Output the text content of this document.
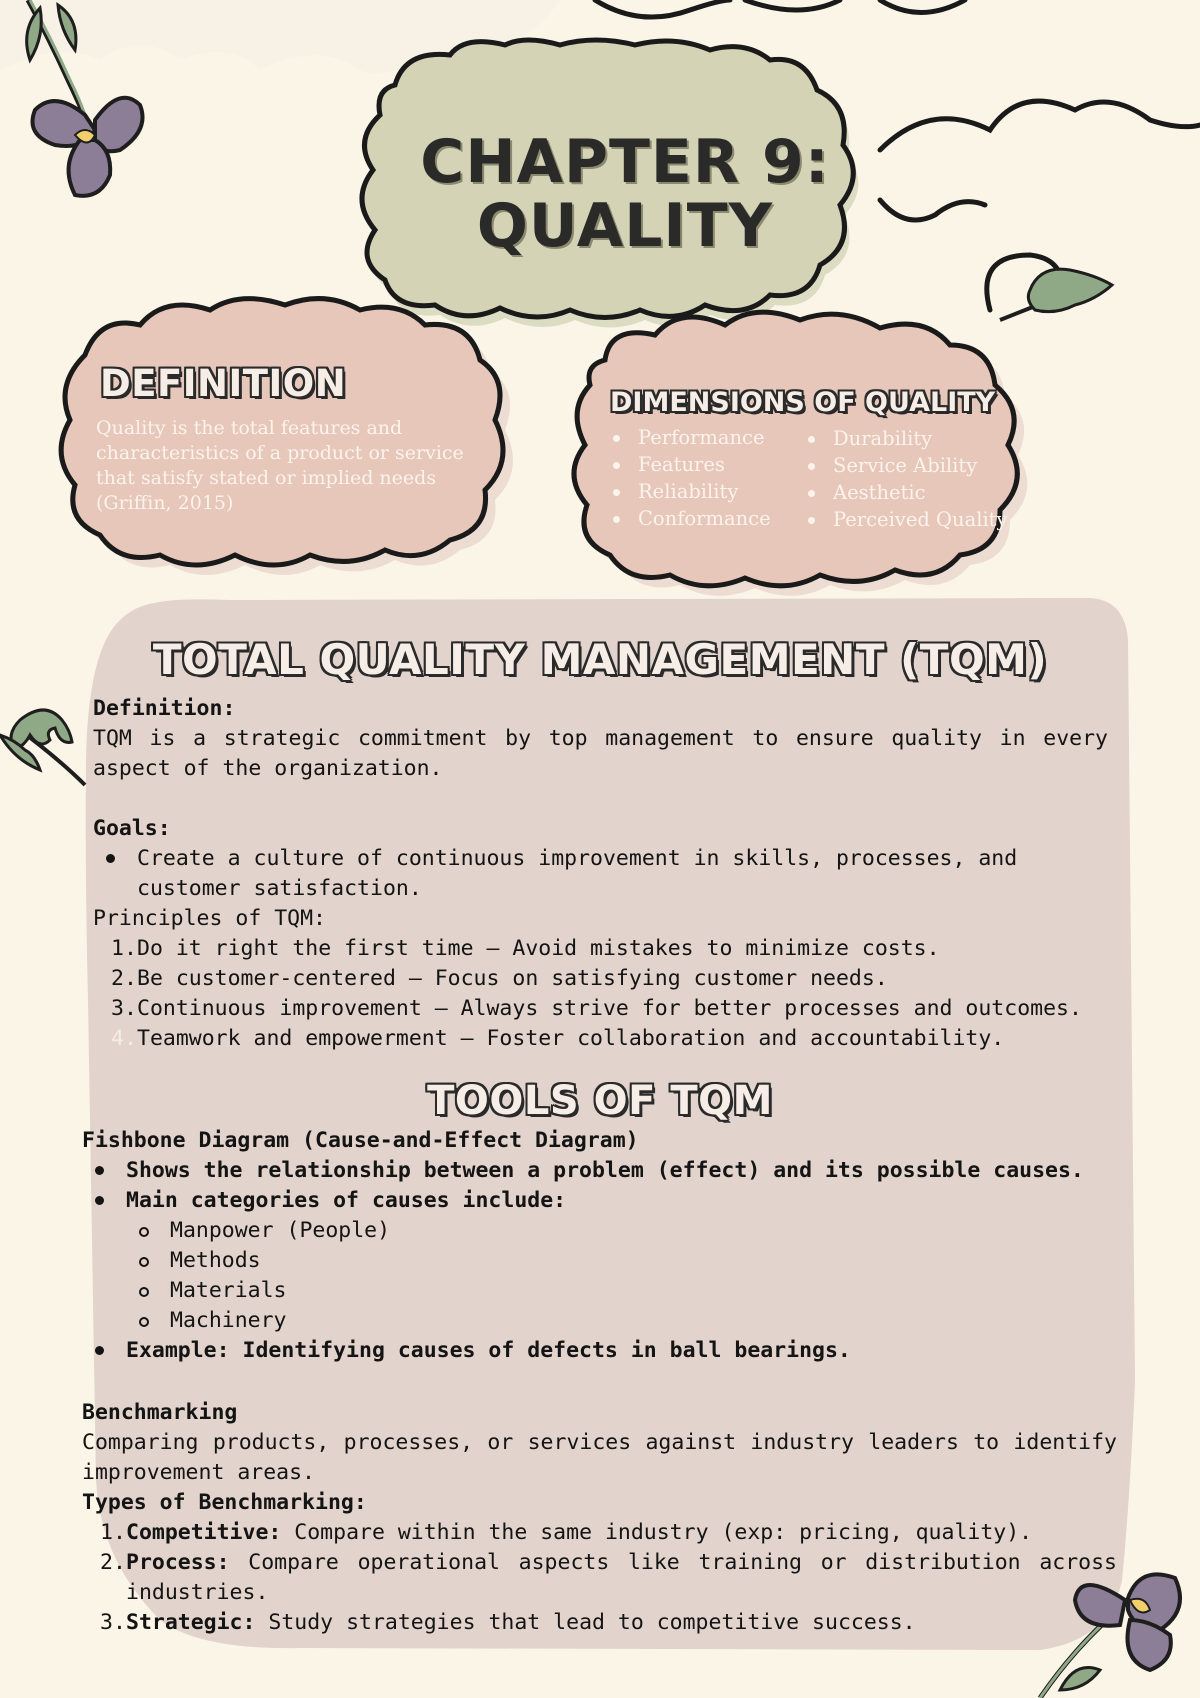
CHAPTER 9:
QUALITY
DEFINITION

Quality is the total features and characteristics of a product or service that satisfy stated or implied needs (Griffin, 2015)

DIMENSIONS OF QUALITY
Performance
Features
Reliability
Conformance
Durability
Service Ability
Aesthetic
Perceived Quality
TOTAL QUALITY MANAGEMENT (TQM)
Definition:
TQM is a strategic commitment by top management to ensure quality in every aspect of the organization.
Goals:
Create a culture of continuous improvement in skills, processes, and customer satisfaction.
Principles of TQM:
1. Do it right the first time – Avoid mistakes to minimize costs.
2. Be customer-centered – Focus on satisfying customer needs.
3. Continuous improvement – Always strive for better processes and outcomes.
4. Teamwork and empowerment – Foster collaboration and accountability.
TOOLS OF TQM
Fishbone Diagram (Cause-and-Effect Diagram)
Shows the relationship between a problem (effect) and its possible causes.
Main categories of causes include:
Manpower (People)
Methods
Materials
Machinery
Example: Identifying causes of defects in ball bearings.
Benchmarking
Comparing products, processes, or services against industry leaders to identify improvement areas.
Types of Benchmarking:
1. Competitive: Compare within the same industry (exp: pricing, quality).
2. Process: Compare operational aspects like training or distribution across industries.
3. Strategic: Study strategies that lead to competitive success.
